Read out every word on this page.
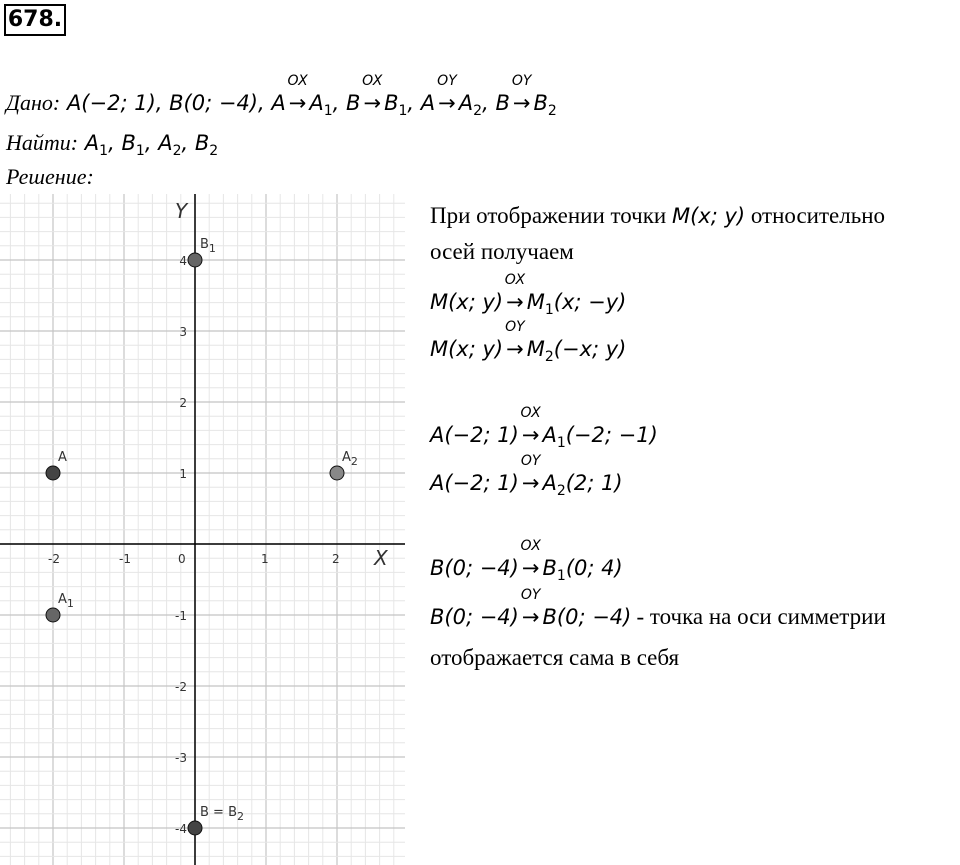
678.
Дано: A(−2; 1), B(0; −4), A →
OX
$A_1$, B →
OX
$B_1$, A →
OY
$A_2$, B →
OY
$B_2$
Найти: $A_1$, $B_1$, $A_2$, $B_2$
Решение:
X
Y
-2	-1	0	1	2
-4
-3
-2
-1
1
2
3
4
A
$A_1$
$A_2$
$B_1$
$B = B_2$
При отображении точки M(x; y) относительно
осей получаем
M(x; y) →
OX
$M_1(x$; −y)
M(x; y) →
OY
$M_2(-x$; y)
A(−2; 1) →
OX
$A_1(-2$; −1)
A(−2; 1) →
OY
$A_2(2$; 1)
B(0; −4) →
OX
$B_1(0$; 4)
B(0; −4) →
OY
B(0; −4) - точка на оси симметрии
отображается сама в себя
